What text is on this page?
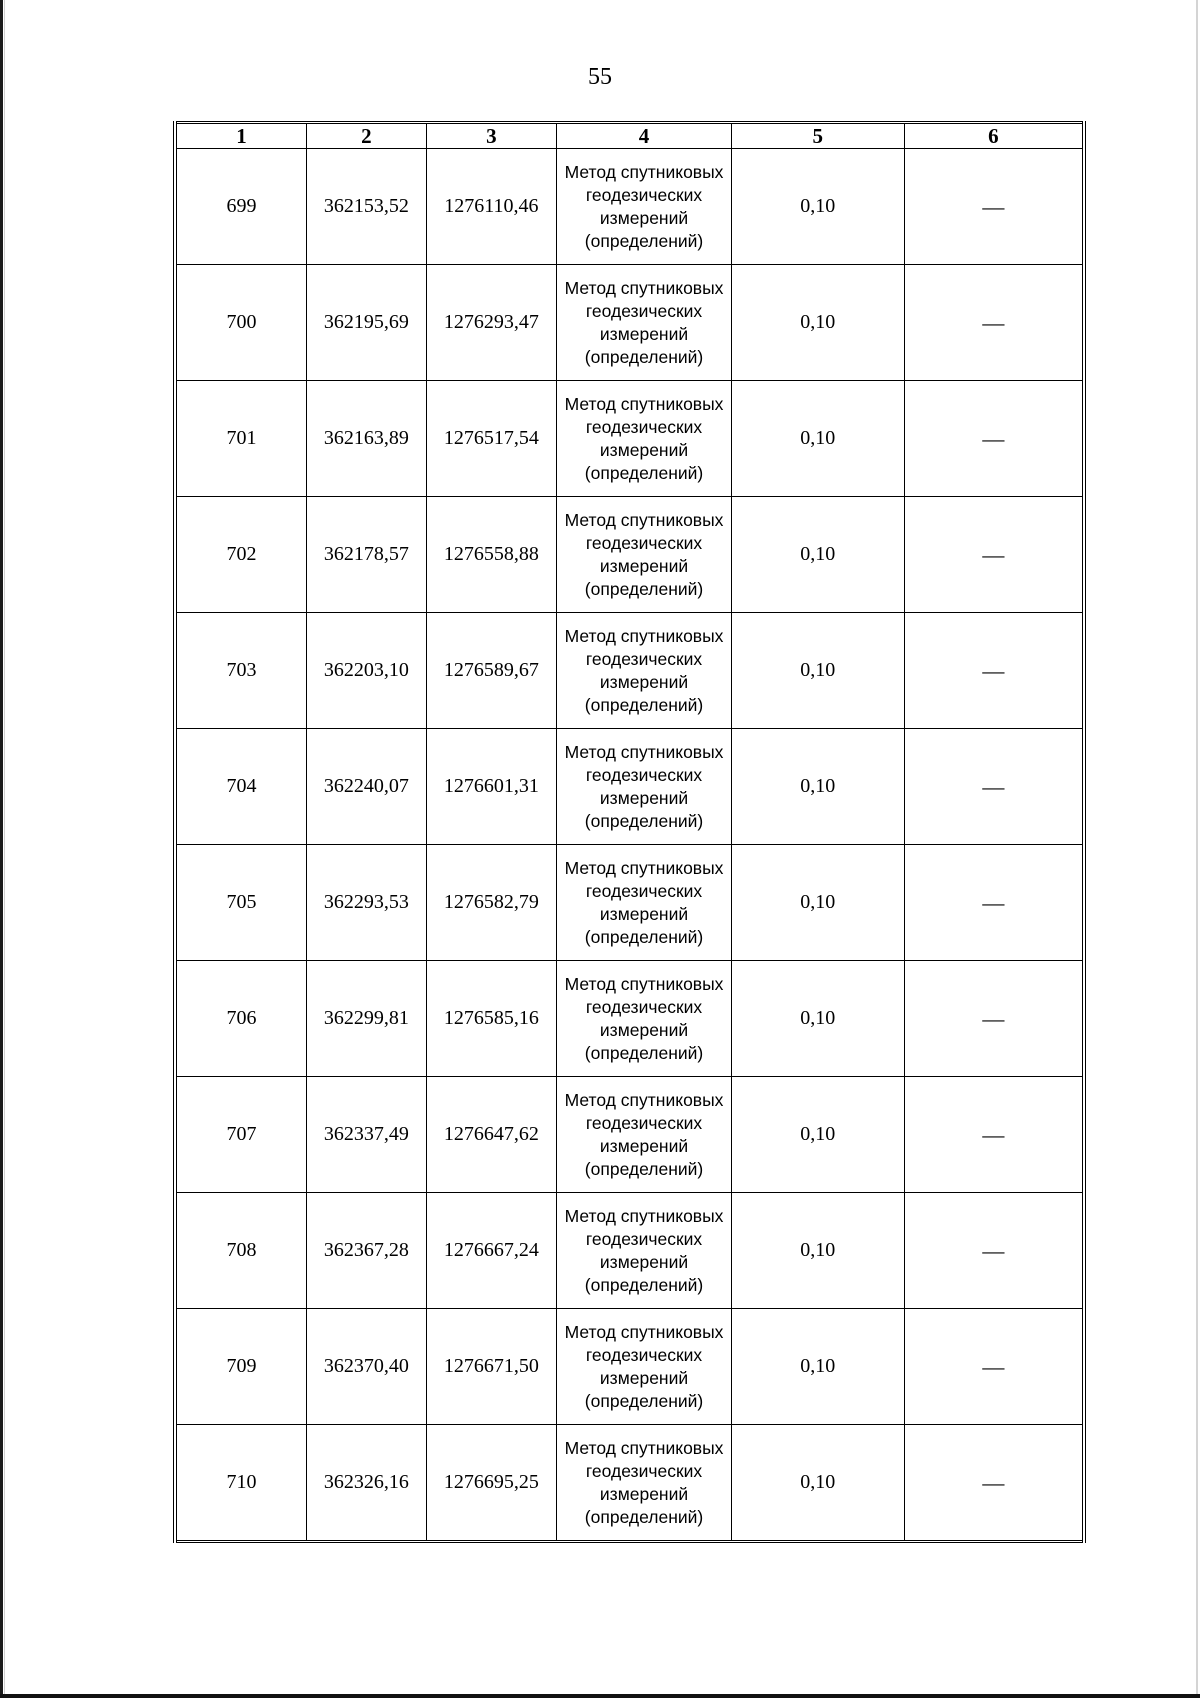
55
1	2	3	4	5	6
699	362153,52	1276110,46	Метод спутниковых геодезических измерений (определений)	0,10	—
700	362195,69	1276293,47	Метод спутниковых геодезических измерений (определений)	0,10	—
701	362163,89	1276517,54	Метод спутниковых геодезических измерений (определений)	0,10	—
702	362178,57	1276558,88	Метод спутниковых геодезических измерений (определений)	0,10	—
703	362203,10	1276589,67	Метод спутниковых геодезических измерений (определений)	0,10	—
704	362240,07	1276601,31	Метод спутниковых геодезических измерений (определений)	0,10	—
705	362293,53	1276582,79	Метод спутниковых геодезических измерений (определений)	0,10	—
706	362299,81	1276585,16	Метод спутниковых геодезических измерений (определений)	0,10	—
707	362337,49	1276647,62	Метод спутниковых геодезических измерений (определений)	0,10	—
708	362367,28	1276667,24	Метод спутниковых геодезических измерений (определений)	0,10	—
709	362370,40	1276671,50	Метод спутниковых геодезических измерений (определений)	0,10	—
710	362326,16	1276695,25	Метод спутниковых геодезических измерений (определений)	0,10	—
